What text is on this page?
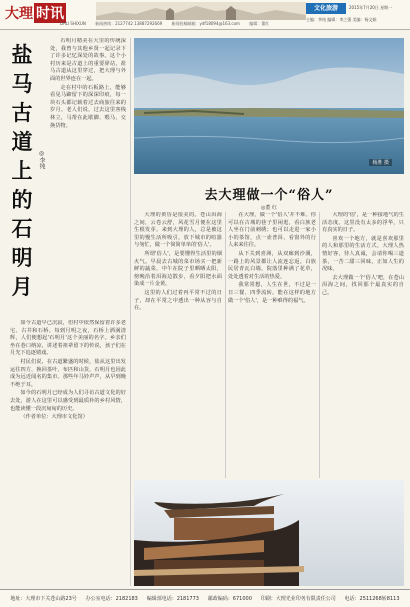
大理 时讯
DALI SHIXUN 新闻热线：2127742 13887292669 新闻投稿邮箱：ydf18094@163.com 编辑：董红
文化旅游	2015年7月20日 星期一
主编：李纯 编辑：李之强 美编：杨文娟
盐
马
古
道
上
的
石
明
月
◎李纯

石明月精美在大里的传统深处，我曾与其他乡贤一起记录下了许多记忆深处的故事。这个小村历来是古道上的重要驿站，盐马古道从这里穿过，把大理与外面的世界连在一起。

走在村中的石板路上，能够看见马蹄留下的深深印痕，每一块石头都记载着过去商旅往来的岁月。老人们说，过去这里客栈林立，马帮在此歇脚、喂马、交换货物。

如今古道早已沉寂，但村中依然保留着许多老宅、古井和石桥。每到月明之夜，石桥上洒满清辉，人们便想起'石明月'这个美丽的名字。乡亲们坐在巷口纳凉，讲述着祖辈留下的传说，孩子们在月光下追逐嬉戏。

村民们说，在古道繁盛的时候，盐从这里出发运往四方，换回茶叶、布匹和山货，石明月也因此成为远近闻名的集市。那些年马铃声声，从早到晚不绝于耳。

如今的石明月已经成为人们寻访古道文化的好去处，游人在这里可以感受到最质朴的乡村风情，也能读懂一段沉甸甸的历史。

（作者单位：大理市文化馆）

杨胜 摄
去大理做一个“俗人”
◎董 红

大理的黄昏是很美的。苍山洱海之间，云卷云舒，风花雪月便在这里生根发芽。来到大理的人，总是被这里的慢生活所吸引，放下城市的喧嚣与匆忙，做一个简简单单的'俗人'。

所谓'俗人'，是要懂得生活里的烟火气。早晨去古城的菜市场买一把新鲜的蔬菜，中午在院子里晒晒太阳，傍晚沿着洱海边散步，看夕阳把水面染成一片金黄。

这里的人们过着再平常不过的日子，却在平常之中透出一种从容与自在。

在大理，做一个'俗人'并不难。你可以在古城的巷子里闲逛，看白族老人坐在门前刺绣；也可以走进一家小小的茶馆，点一壶普洱，看窗外的行人来来往往。

从下关到喜洲，从双廊到沙溪，一路上的风景都让人流连忘返。白族民居青瓦白墙，院落里种满了花草，处处透着对生活的热爱。

我常常想，人生在世，不过是一日三餐、四季流转。能在这样的地方做一个'俗人'，是一种难得的福气。

大理的'俗'，是一种接地气的生活态度。这里没有太多的浮华，只有真实的日子。

喜欢一个地方，就是喜欢那里的人和那里的生活方式。大理人热情好客，待人真诚，会请你喝三道茶，一苦二甜三回味，正如人生的况味。

去大理做一个'俗人'吧，在苍山洱海之间，找回那个最真实的自己。

地址：大理市下关苍山路23号 办公室电话：2182183 编辑部电话：2181773 邮政编码：671000 印刷：大理光业印务有限责任公司 电话：2511268转8113
